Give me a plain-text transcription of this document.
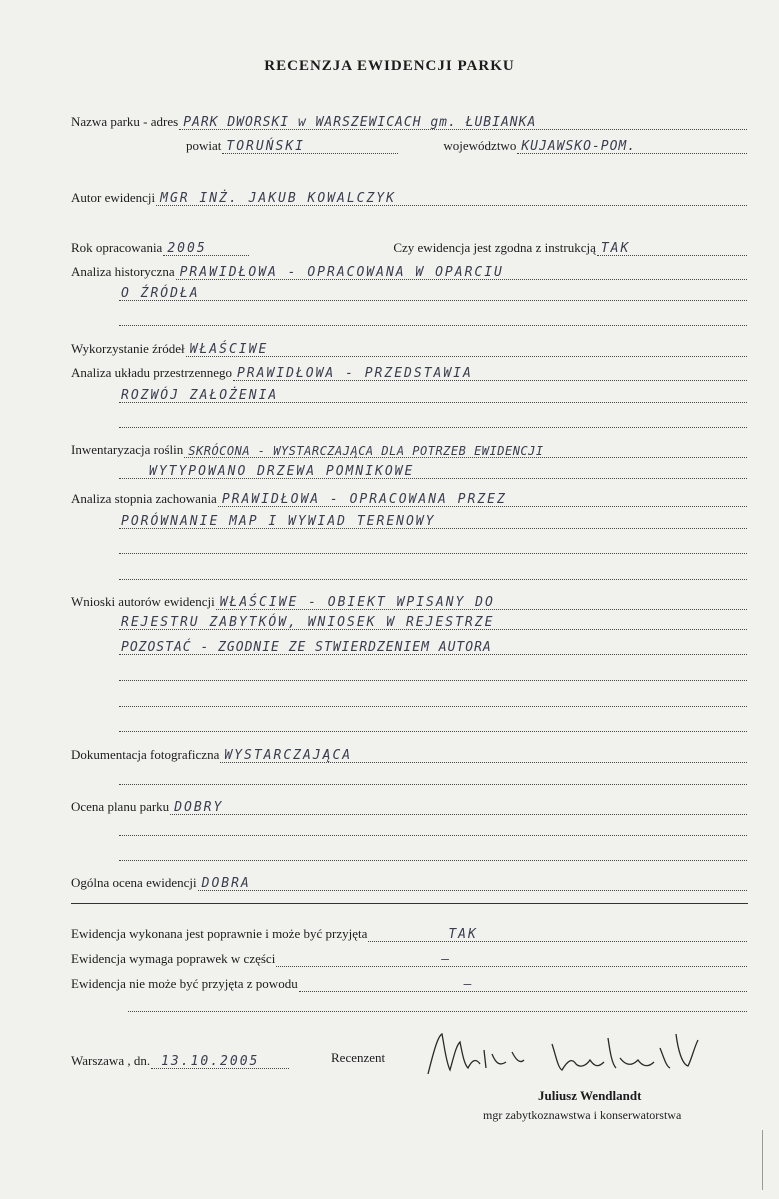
RECENZJA EWIDENCJI PARKU
Nazwa parku - adres PARK DWORSKI w WARSZEWICACH gm. ŁUBIANKA
powiat TORUŃSKI	województwo KUJAWSKO-POM.
Autor ewidencji MGR INŻ. JAKUB KOWALCZYK
Rok opracowania 2005	Czy ewidencja jest zgodna z instrukcją TAK
Analiza historyczna PRAWIDŁOWA - OPRACOWANA W OPARCIU
O ŹRÓDŁA
Wykorzystanie źródeł WŁAŚCIWE
Analiza układu przestrzennego PRAWIDŁOWA - PRZEDSTAWIA
ROZWÓJ ZAŁOŻENIA
Inwentaryzacja roślin SKRÓCONA - WYSTARCZAJĄCA DLA POTRZEB EWIDENCJI
WYTYPOWANO DRZEWA POMNIKOWE
Analiza stopnia zachowania PRAWIDŁOWA - OPRACOWANA PRZEZ
PORÓWNANIE MAP I WYWIAD TERENOWY
Wnioski autorów ewidencji WŁAŚCIWE - OBIEKT WPISANY DO
REJESTRU ZABYTKÓW, WNIOSEK W REJESTRZE
POZOSTAĆ - ZGODNIE ZE STWIERDZENIEM AUTORA
Dokumentacja fotograficzna WYSTARCZAJĄCA
Ocena planu parku DOBRY
Ogólna ocena ewidencji DOBRA
Ewidencja wykonana jest poprawnie i może być przyjęta	TAK
Ewidencja wymaga poprawek w części	—
Ewidencja nie może być przyjęta z powodu	—
Warszawa , dn. 13.10.2005	Recenzent
Juliusz Wendlandt
mgr zabytkoznawstwa i konserwatorstwa
